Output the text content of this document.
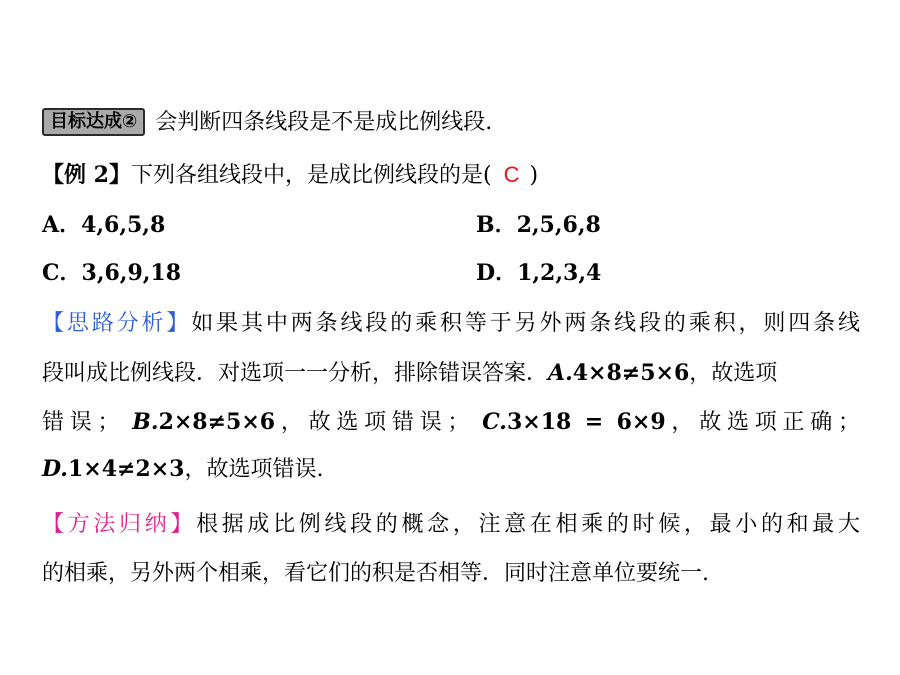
目标达成② 会判断四条线段是不是成比例线段.
【例 2】下列各组线段中，是成比例线段的是( C )
A．4,6,5,8	B．2,5,6,8
C．3,6,9,18	D．1,2,3,4
【思路分析】如果其中两条线段的乘积等于另外两条线段的乘积，则四条线
段叫成比例线段．对选项一一分析，排除错误答案．A.4×8≠5×6，故选项
错误； B.2×8≠5×6，故选项错误； C.3×18 = 6×9，故选项正确；
D.1×4≠2×3，故选项错误.
【方法归纳】根据成比例线段的概念，注意在相乘的时候，最小的和最大
的相乘，另外两个相乘，看它们的积是否相等．同时注意单位要统一.
